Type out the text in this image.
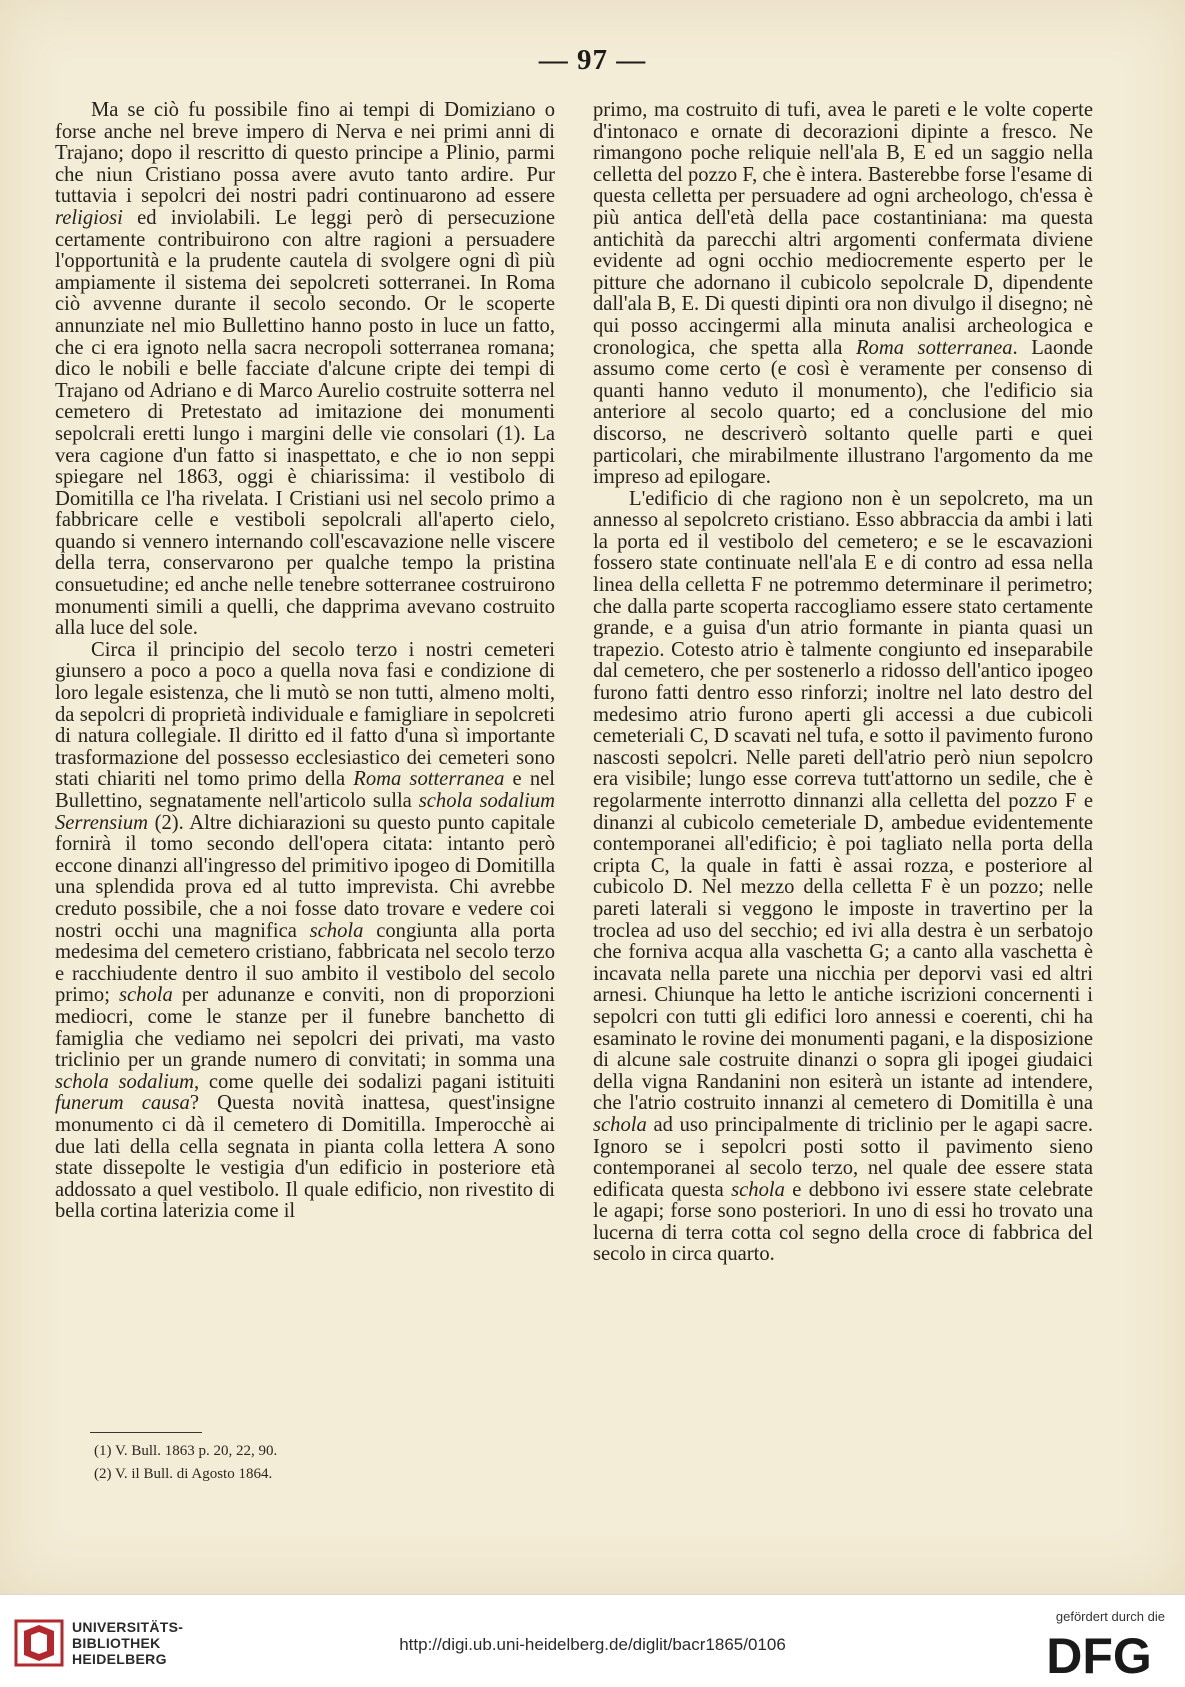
— 97 —

Ma se ciò fu possibile fino ai tempi di Domiziano o forse anche nel breve impero di Nerva e nei primi anni di Trajano; dopo il rescritto di questo principe a Plinio, parmi che niun Cristiano possa avere avuto tanto ardire. Pur tuttavia i sepolcri dei nostri padri continuarono ad essere religiosi ed inviolabili. Le leggi però di persecuzione certamente contribuirono con altre ragioni a persuadere l'opportunità e la prudente cautela di svolgere ogni dì più ampiamente il sistema dei sepolcreti sotterranei. In Roma ciò avvenne durante il secolo secondo. Or le scoperte annunziate nel mio Bullettino hanno posto in luce un fatto, che ci era ignoto nella sacra necropoli sotterranea romana; dico le nobili e belle facciate d'alcune cripte dei tempi di Trajano od Adriano e di Marco Aurelio costruite sotterra nel cemetero di Pretestato ad imitazione dei monumenti sepolcrali eretti lungo i margini delle vie consolari (1). La vera cagione d'un fatto si inaspettato, e che io non seppi spiegare nel 1863, oggi è chiarissima: il vestibolo di Domitilla ce l'ha rivelata. I Cristiani usi nel secolo primo a fabbricare celle e vestiboli sepolcrali all'aperto cielo, quando si vennero internando coll'escavazione nelle viscere della terra, conservarono per qualche tempo la pristina consuetudine; ed anche nelle tenebre sotterranee costruirono monumenti simili a quelli, che dapprima avevano costruito alla luce del sole.

Circa il principio del secolo terzo i nostri cemeteri giunsero a poco a poco a quella nova fasi e condizione di loro legale esistenza, che li mutò se non tutti, almeno molti, da sepolcri di proprietà individuale e famigliare in sepolcreti di natura collegiale. Il diritto ed il fatto d'una sì importante trasformazione del possesso ecclesiastico dei cemeteri sono stati chiariti nel tomo primo della Roma sotterranea e nel Bullettino, segnatamente nell'articolo sulla schola sodalium Serrensium (2). Altre dichiarazioni su questo punto capitale fornirà il tomo secondo dell'opera citata: intanto però eccone dinanzi all'ingresso del primitivo ipogeo di Domitilla una splendida prova ed al tutto imprevista. Chi avrebbe creduto possibile, che a noi fosse dato trovare e vedere coi nostri occhi una magnifica schola congiunta alla porta medesima del cemetero cristiano, fabbricata nel secolo terzo e racchiudente dentro il suo ambito il vestibolo del secolo primo; schola per adunanze e conviti, non di proporzioni mediocri, come le stanze per il funebre banchetto di famiglia che vediamo nei sepolcri dei privati, ma vasto triclinio per un grande numero di convitati; in somma una schola sodalium, come quelle dei sodalizi pagani istituiti funerum causa? Questa novità inattesa, quest'insigne monumento ci dà il cemetero di Domitilla. Imperocchè ai due lati della cella segnata in pianta colla lettera A sono state dissepolte le vestigia d'un edificio in posteriore età addossato a quel vestibolo. Il quale edificio, non rivestito di bella cortina laterizia come il

primo, ma costruito di tufi, avea le pareti e le volte coperte d'intonaco e ornate di decorazioni dipinte a fresco. Ne rimangono poche reliquie nell'ala B, E ed un saggio nella celletta del pozzo F, che è intera. Basterebbe forse l'esame di questa celletta per persuadere ad ogni archeologo, ch'essa è più antica dell'età della pace costantiniana: ma questa antichità da parecchi altri argomenti confermata diviene evidente ad ogni occhio mediocremente esperto per le pitture che adornano il cubicolo sepolcrale D, dipendente dall'ala B, E. Di questi dipinti ora non divulgo il disegno; nè qui posso accingermi alla minuta analisi archeologica e cronologica, che spetta alla Roma sotterranea. Laonde assumo come certo (e così è veramente per consenso di quanti hanno veduto il monumento), che l'edificio sia anteriore al secolo quarto; ed a conclusione del mio discorso, ne descriverò soltanto quelle parti e quei particolari, che mirabilmente illustrano l'argomento da me impreso ad epilogare.

L'edificio di che ragiono non è un sepolcreto, ma un annesso al sepolcreto cristiano. Esso abbraccia da ambi i lati la porta ed il vestibolo del cemetero; e se le escavazioni fossero state continuate nell'ala E e di contro ad essa nella linea della celletta F ne potremmo determinare il perimetro; che dalla parte scoperta raccogliamo essere stato certamente grande, e a guisa d'un atrio formante in pianta quasi un trapezio. Cotesto atrio è talmente congiunto ed inseparabile dal cemetero, che per sostenerlo a ridosso dell'antico ipogeo furono fatti dentro esso rinforzi; inoltre nel lato destro del medesimo atrio furono aperti gli accessi a due cubicoli cemeteriali C, D scavati nel tufa, e sotto il pavimento furono nascosti sepolcri. Nelle pareti dell'atrio però niun sepolcro era visibile; lungo esse correva tutt'attorno un sedile, che è regolarmente interrotto dinnanzi alla celletta del pozzo F e dinanzi al cubicolo cemeteriale D, ambedue evidentemente contemporanei all'edificio; è poi tagliato nella porta della cripta C, la quale in fatti è assai rozza, e posteriore al cubicolo D. Nel mezzo della celletta F è un pozzo; nelle pareti laterali si veggono le imposte in travertino per la troclea ad uso del secchio; ed ivi alla destra è un serbatojo che forniva acqua alla vaschetta G; a canto alla vaschetta è incavata nella parete una nicchia per deporvi vasi ed altri arnesi. Chiunque ha letto le antiche iscrizioni concernenti i sepolcri con tutti gli edifici loro annessi e coerenti, chi ha esaminato le rovine dei monumenti pagani, e la disposizione di alcune sale costruite dinanzi o sopra gli ipogei giudaici della vigna Randanini non esiterà un istante ad intendere, che l'atrio costruito innanzi al cemetero di Domitilla è una schola ad uso principalmente di triclinio per le agapi sacre. Ignoro se i sepolcri posti sotto il pavimento sieno contemporanei al secolo terzo, nel quale dee essere stata edificata questa schola e debbono ivi essere state celebrate le agapi; forse sono posteriori. In uno di essi ho trovato una lucerna di terra cotta col segno della croce di fabbrica del secolo in circa quarto.

(1) V. Bull. 1863 p. 20, 22, 90.
(2) V. il Bull. di Agosto 1864.
UNIVERSITÄTS-
BIBLIOTHEK
HEIDELBERG
http://digi.ub.uni-heidelberg.de/diglit/bacr1865/0106
gefördert durch die
DFG
